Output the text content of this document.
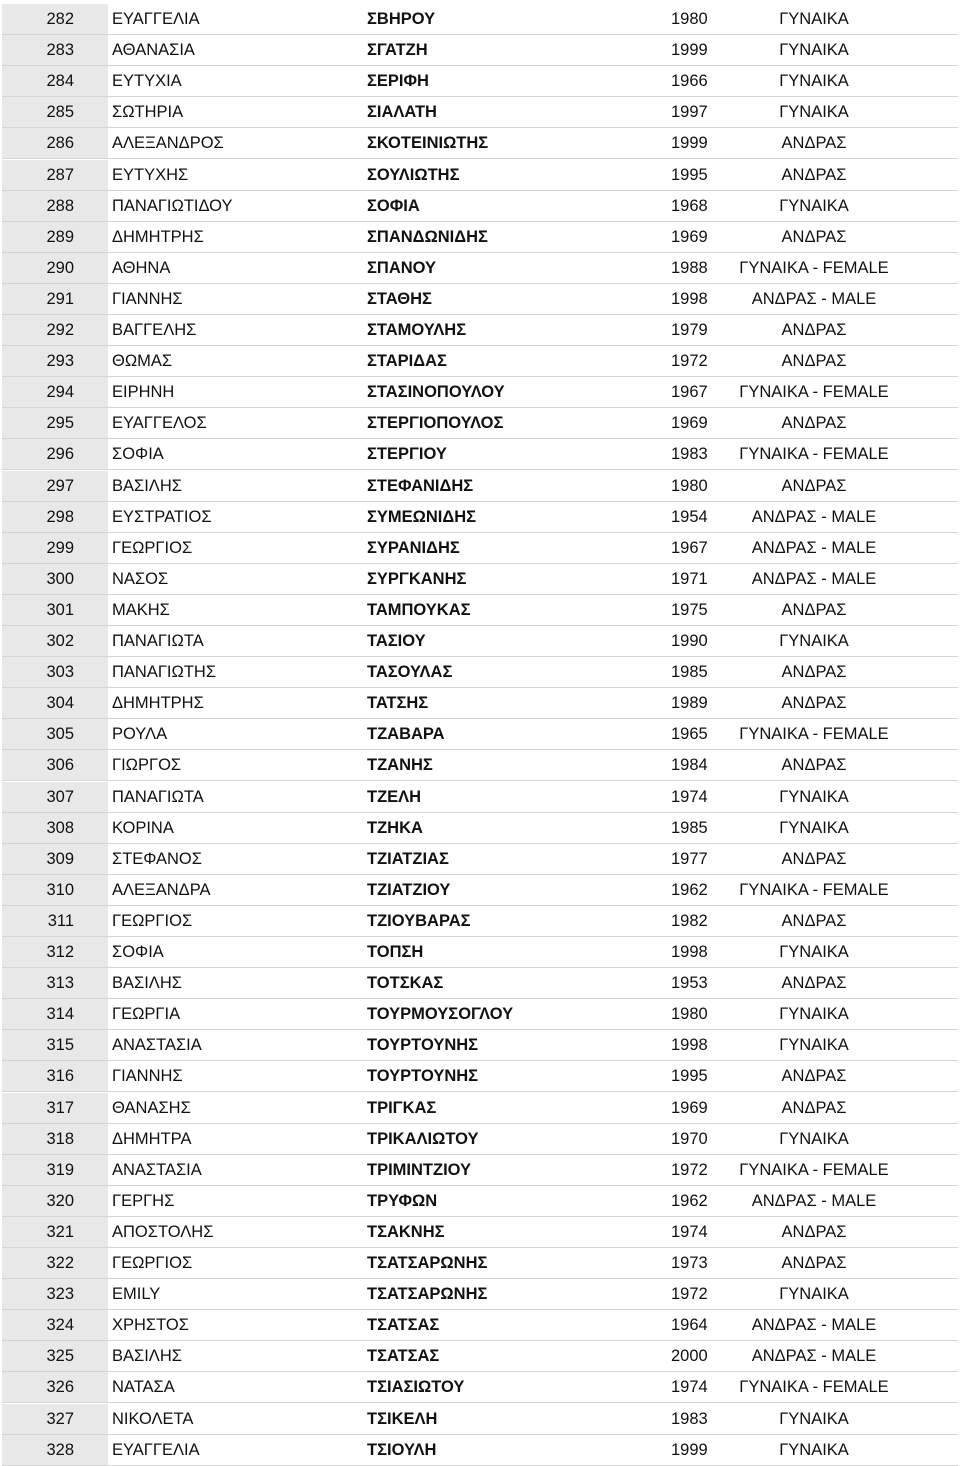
282	ΕΥΑΓΓΕΛΙΑ	ΣΒΗΡΟΥ	1980	ΓΥΝΑΙΚΑ
283	ΑΘΑΝΑΣΙΑ	ΣΓΑΤΖΗ	1999	ΓΥΝΑΙΚΑ
284	ΕΥΤΥΧΙΑ	ΣΕΡΙΦΗ	1966	ΓΥΝΑΙΚΑ
285	ΣΩΤΗΡΙΑ	ΣΙΑΛΑΤΗ	1997	ΓΥΝΑΙΚΑ
286	ΑΛΕΞΑΝΔΡΟΣ	ΣΚΟΤΕΙΝΙΩΤΗΣ	1999	ΑΝΔΡΑΣ
287	ΕΥΤΥΧΗΣ	ΣΟΥΛΙΩΤΗΣ	1995	ΑΝΔΡΑΣ
288	ΠΑΝΑΓΙΩΤΙΔΟΥ	ΣΟΦΙΑ	1968	ΓΥΝΑΙΚΑ
289	ΔΗΜΗΤΡΗΣ	ΣΠΑΝΔΩΝΙΔΗΣ	1969	ΑΝΔΡΑΣ
290	ΑΘΗΝΑ	ΣΠΑΝΟΥ	1988	ΓΥΝΑΙΚΑ - FEMALE
291	ΓΙΑΝΝΗΣ	ΣΤΑΘΗΣ	1998	ΑΝΔΡΑΣ - MALE
292	ΒΑΓΓΕΛΗΣ	ΣΤΑΜΟΥΛΗΣ	1979	ΑΝΔΡΑΣ
293	ΘΩΜΑΣ	ΣΤΑΡΙΔΑΣ	1972	ΑΝΔΡΑΣ
294	ΕΙΡΗΝΗ	ΣΤΑΣΙΝΟΠΟΥΛΟΥ	1967	ΓΥΝΑΙΚΑ - FEMALE
295	ΕΥΑΓΓΕΛΟΣ	ΣΤΕΡΓΙΟΠΟΥΛΟΣ	1969	ΑΝΔΡΑΣ
296	ΣΟΦΙΑ	ΣΤΕΡΓΙΟΥ	1983	ΓΥΝΑΙΚΑ - FEMALE
297	ΒΑΣΙΛΗΣ	ΣΤΕΦΑΝΙΔΗΣ	1980	ΑΝΔΡΑΣ
298	ΕΥΣΤΡΑΤΙΟΣ	ΣΥΜΕΩΝΙΔΗΣ	1954	ΑΝΔΡΑΣ - MALE
299	ΓΕΩΡΓΙΟΣ	ΣΥΡΑΝΙΔΗΣ	1967	ΑΝΔΡΑΣ - MALE
300	ΝΑΣΟΣ	ΣΥΡΓΚΑΝΗΣ	1971	ΑΝΔΡΑΣ - MALE
301	ΜΑΚΗΣ	ΤΑΜΠΟΥΚΑΣ	1975	ΑΝΔΡΑΣ
302	ΠΑΝΑΓΙΩΤΑ	ΤΑΣΙΟΥ	1990	ΓΥΝΑΙΚΑ
303	ΠΑΝΑΓΙΩΤΗΣ	ΤΑΣΟΥΛΑΣ	1985	ΑΝΔΡΑΣ
304	ΔΗΜΗΤΡΗΣ	ΤΑΤΣΗΣ	1989	ΑΝΔΡΑΣ
305	ΡΟΥΛΑ	ΤΖΑΒΑΡΑ	1965	ΓΥΝΑΙΚΑ - FEMALE
306	ΓΙΩΡΓΟΣ	ΤΖΑΝΗΣ	1984	ΑΝΔΡΑΣ
307	ΠΑΝΑΓΙΩΤΑ	ΤΖΕΛΗ	1974	ΓΥΝΑΙΚΑ
308	ΚΟΡΙΝΑ	ΤΖΗΚΑ	1985	ΓΥΝΑΙΚΑ
309	ΣΤΕΦΑΝΟΣ	ΤΖΙΑΤΖΙΑΣ	1977	ΑΝΔΡΑΣ
310	ΑΛΕΞΑΝΔΡΑ	ΤΖΙΑΤΖΙΟΥ	1962	ΓΥΝΑΙΚΑ - FEMALE
311	ΓΕΩΡΓΙΟΣ	ΤΖΙΟΥΒΑΡΑΣ	1982	ΑΝΔΡΑΣ
312	ΣΟΦΙΑ	ΤΟΠΣΗ	1998	ΓΥΝΑΙΚΑ
313	ΒΑΣΙΛΗΣ	ΤΟΤΣΚΑΣ	1953	ΑΝΔΡΑΣ
314	ΓΕΩΡΓΙΑ	ΤΟΥΡΜΟΥΣΟΓΛΟΥ	1980	ΓΥΝΑΙΚΑ
315	ΑΝΑΣΤΑΣΙΑ	ΤΟΥΡΤΟΥΝΗΣ	1998	ΓΥΝΑΙΚΑ
316	ΓΙΑΝΝΗΣ	ΤΟΥΡΤΟΥΝΗΣ	1995	ΑΝΔΡΑΣ
317	ΘΑΝΑΣΗΣ	ΤΡΙΓΚΑΣ	1969	ΑΝΔΡΑΣ
318	ΔΗΜΗΤΡΑ	ΤΡΙΚΑΛΙΩΤΟΥ	1970	ΓΥΝΑΙΚΑ
319	ΑΝΑΣΤΑΣΙΑ	ΤΡΙΜΙΝΤΖΙΟΥ	1972	ΓΥΝΑΙΚΑ - FEMALE
320	ΓΕΡΓΗΣ	ΤΡΥΦΩΝ	1962	ΑΝΔΡΑΣ - MALE
321	ΑΠΟΣΤΟΛΗΣ	ΤΣΑΚΝΗΣ	1974	ΑΝΔΡΑΣ
322	ΓΕΩΡΓΙΟΣ	ΤΣΑΤΣΑΡΩΝΗΣ	1973	ΑΝΔΡΑΣ
323	EMILY	ΤΣΑΤΣΑΡΩΝΗΣ	1972	ΓΥΝΑΙΚΑ
324	ΧΡΗΣΤΟΣ	ΤΣΑΤΣΑΣ	1964	ΑΝΔΡΑΣ - MALE
325	ΒΑΣΙΛΗΣ	ΤΣΑΤΣΑΣ	2000	ΑΝΔΡΑΣ - MALE
326	ΝΑΤΑΣΑ	ΤΣΙΑΣΙΩΤΟΥ	1974	ΓΥΝΑΙΚΑ - FEMALE
327	ΝΙΚΟΛΕΤΑ	ΤΣΙΚΕΛΗ	1983	ΓΥΝΑΙΚΑ
328	ΕΥΑΓΓΕΛΙΑ	ΤΣΙΟΥΛΗ	1999	ΓΥΝΑΙΚΑ
